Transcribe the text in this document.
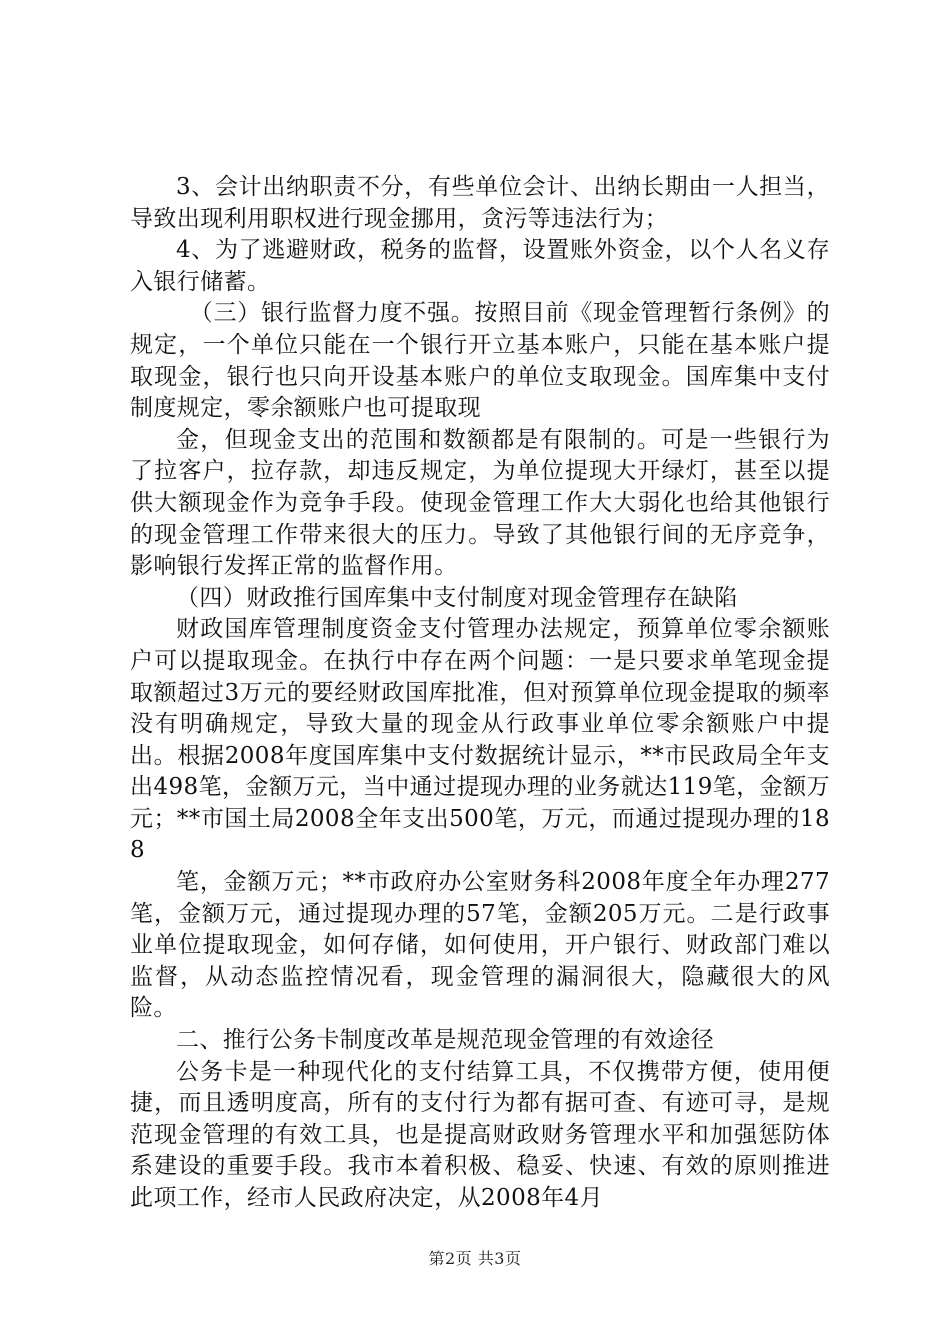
3、会计出纳职责不分，有些单位会计、出纳长期由一人担当，导致出现利用职权进行现金挪用，贪污等违法行为；

4、为了逃避财政，税务的监督，设置账外资金，以个人名义存入银行储蓄。

（三）银行监督力度不强。按照目前《现金管理暂行条例》的规定，一个单位只能在一个银行开立基本账户，只能在基本账户提取现金，银行也只向开设基本账户的单位支取现金。国库集中支付制度规定，零余额账户也可提取现

金，但现金支出的范围和数额都是有限制的。可是一些银行为了拉客户，拉存款，却违反规定，为单位提现大开绿灯，甚至以提供大额现金作为竞争手段。使现金管理工作大大弱化也给其他银行的现金管理工作带来很大的压力。导致了其他银行间的无序竞争，影响银行发挥正常的监督作用。

（四）财政推行国库集中支付制度对现金管理存在缺陷

财政国库管理制度资金支付管理办法规定，预算单位零余额账户可以提取现金。在执行中存在两个问题：一是只要求单笔现金提取额超过3万元的要经财政国库批准，但对预算单位现金提取的频率没有明确规定，导致大量的现金从行政事业单位零余额账户中提出。根据2008年度国库集中支付数据统计显示，**市民政局全年支出498笔，金额万元，当中通过提现办理的业务就达119笔，金额万元；**市国土局2008全年支出500笔，万元，而通过提现办理的188

笔，金额万元；**市政府办公室财务科2008年度全年办理277笔，金额万元，通过提现办理的57笔，金额205万元。二是行政事业单位提取现金，如何存储，如何使用，开户银行、财政部门难以监督，从动态监控情况看，现金管理的漏洞很大，隐藏很大的风险。

二、推行公务卡制度改革是规范现金管理的有效途径

公务卡是一种现代化的支付结算工具，不仅携带方便，使用便捷，而且透明度高，所有的支付行为都有据可查、有迹可寻，是规范现金管理的有效工具，也是提高财政财务管理水平和加强惩防体系建设的重要手段。我市本着积极、稳妥、快速、有效的原则推进此项工作，经市人民政府决定，从2008年4月

第2页 共3页
